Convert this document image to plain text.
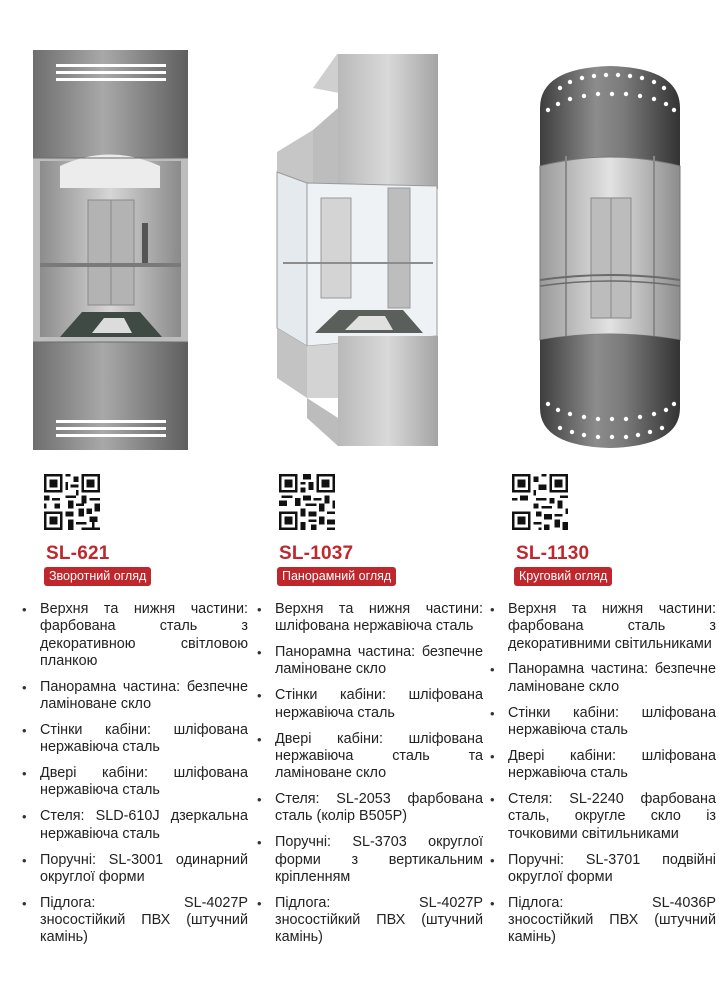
SL-621
Зворотний огляд
• Верхня та нижня частини: фарбована сталь з декоративною світловою планкою
• Панорамна частина: безпечне ламіноване скло
• Стінки кабіни: шліфована нержавіюча сталь
• Двері кабіни: шліфована нержавіюча сталь
• Стеля: SLD-610J дзеркальна нержавіюча сталь
• Поручні: SL-3001 одинарний округлої форми
• Підлога: SL-4027P зносостійкий ПВХ (штучний камінь)
SL-1037
Панорамний огляд
• Верхня та нижня частини: шліфована нержавіюча сталь
• Панорамна частина: безпечне ламіноване скло
• Стінки кабіни: шліфована нержавіюча сталь
• Двері кабіни: шліфована нержавіюча сталь та ламіноване скло
• Стеля: SL-2053 фарбована сталь (колір B505P)
• Поручні: SL-3703 округлої форми з вертикальним кріпленням
• Підлога: SL-4027P зносостійкий ПВХ (штучний камінь)
SL-1130
Круговий огляд
• Верхня та нижня частини: фарбована сталь з декоративними світильниками
• Панорамна частина: безпечне ламіноване скло
• Стінки кабіни: шліфована нержавіюча сталь
• Двері кабіни: шліфована нержавіюча сталь
• Стеля: SL-2240 фарбована сталь, округле скло із точковими світильниками
• Поручні: SL-3701 подвійні округлої форми
• Підлога: SL-4036P зносостійкий ПВХ (штучний камінь)
